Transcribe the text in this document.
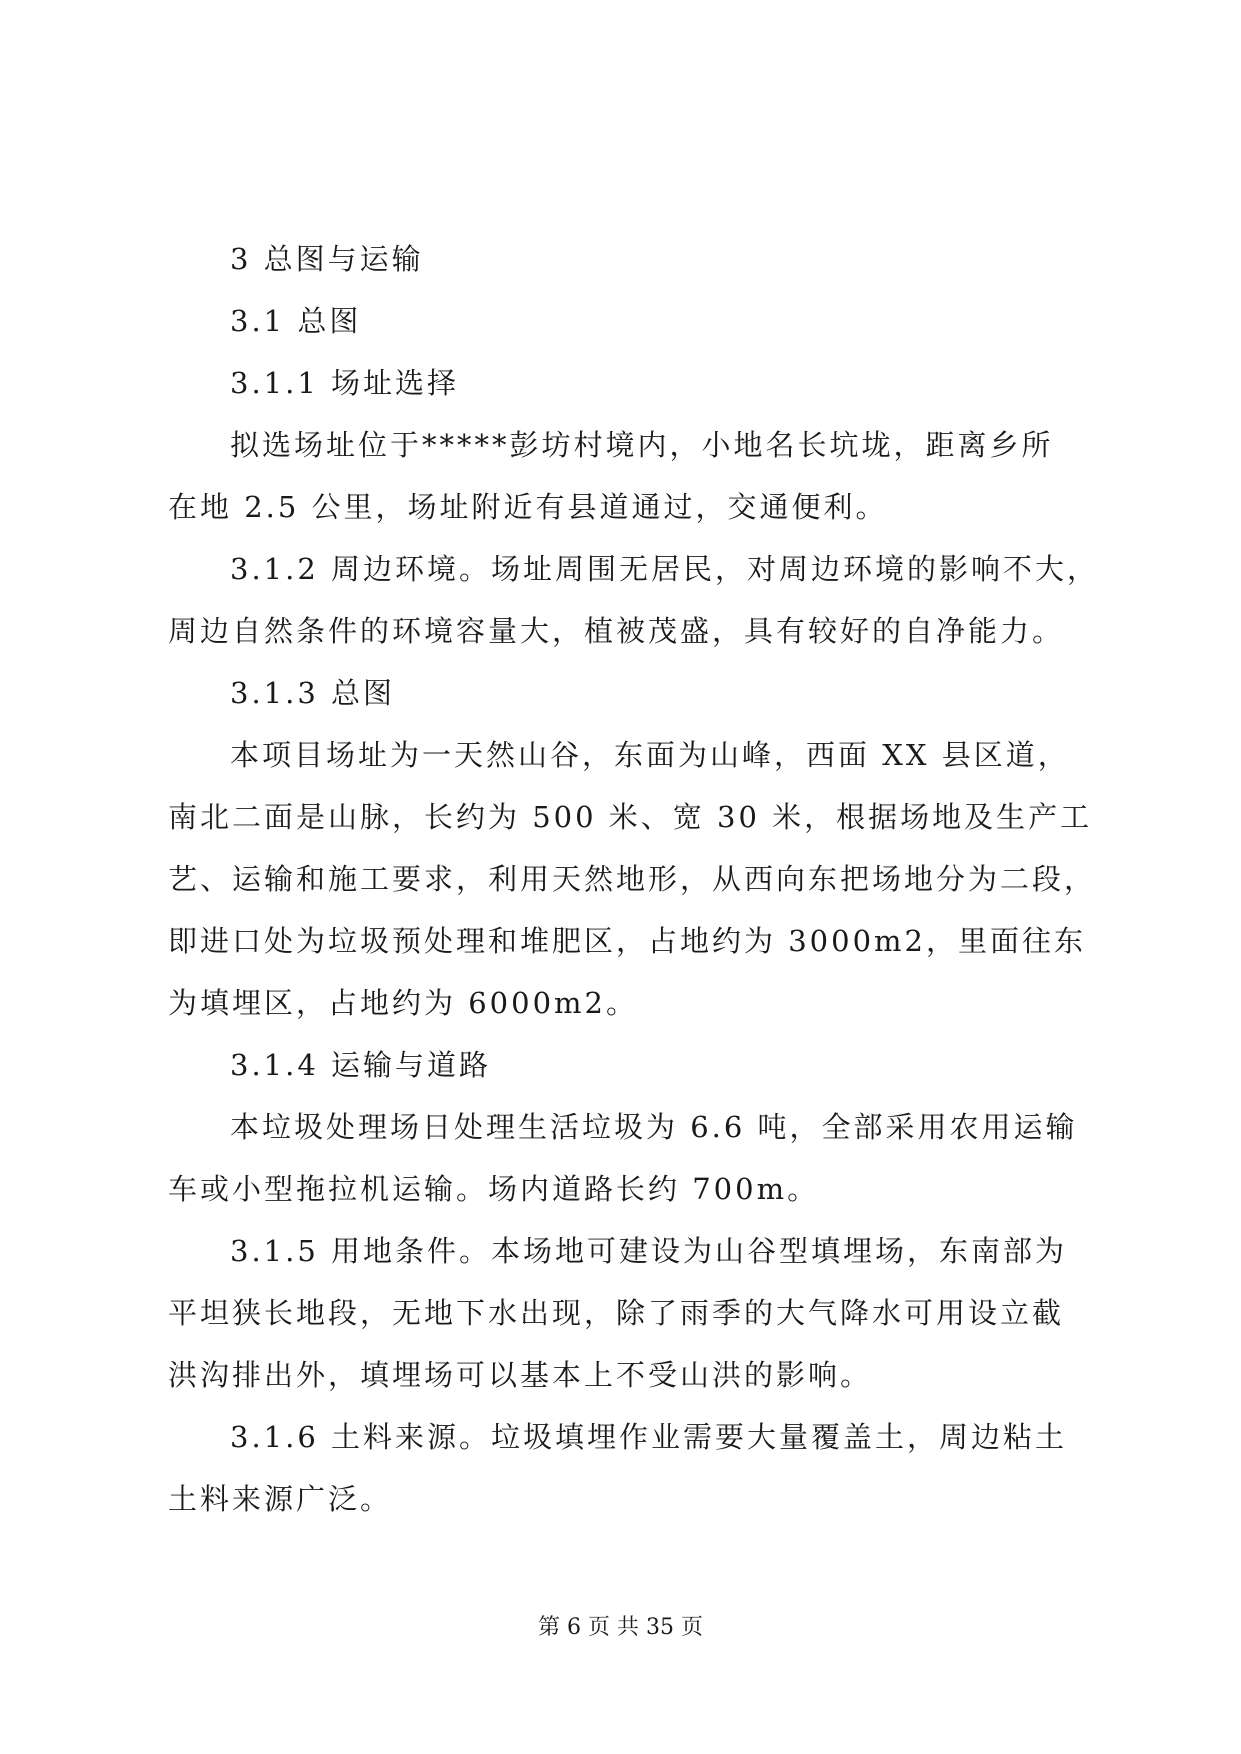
3 总图与运输
3.1 总图
3.1.1 场址选择
拟选场址位于*****彭坊村境内，小地名长坑垅，距离乡所
在地 2.5 公里，场址附近有县道通过，交通便利。
3.1.2 周边环境。场址周围无居民，对周边环境的影响不大，
周边自然条件的环境容量大，植被茂盛，具有较好的自净能力。
3.1.3 总图
本项目场址为一天然山谷，东面为山峰，西面 XX 县区道，
南北二面是山脉，长约为 500 米、宽 30 米，根据场地及生产工
艺、运输和施工要求，利用天然地形，从西向东把场地分为二段，
即进口处为垃圾预处理和堆肥区，占地约为 3000m2，里面往东
为填埋区，占地约为 6000m2。
3.1.4 运输与道路
本垃圾处理场日处理生活垃圾为 6.6 吨，全部采用农用运输
车或小型拖拉机运输。场内道路长约 700m。
3.1.5 用地条件。本场地可建设为山谷型填埋场，东南部为
平坦狭长地段，无地下水出现，除了雨季的大气降水可用设立截
洪沟排出外，填埋场可以基本上不受山洪的影响。
3.1.6 土料来源。垃圾填埋作业需要大量覆盖土，周边粘土
土料来源广泛。
第 6 页 共 35 页
